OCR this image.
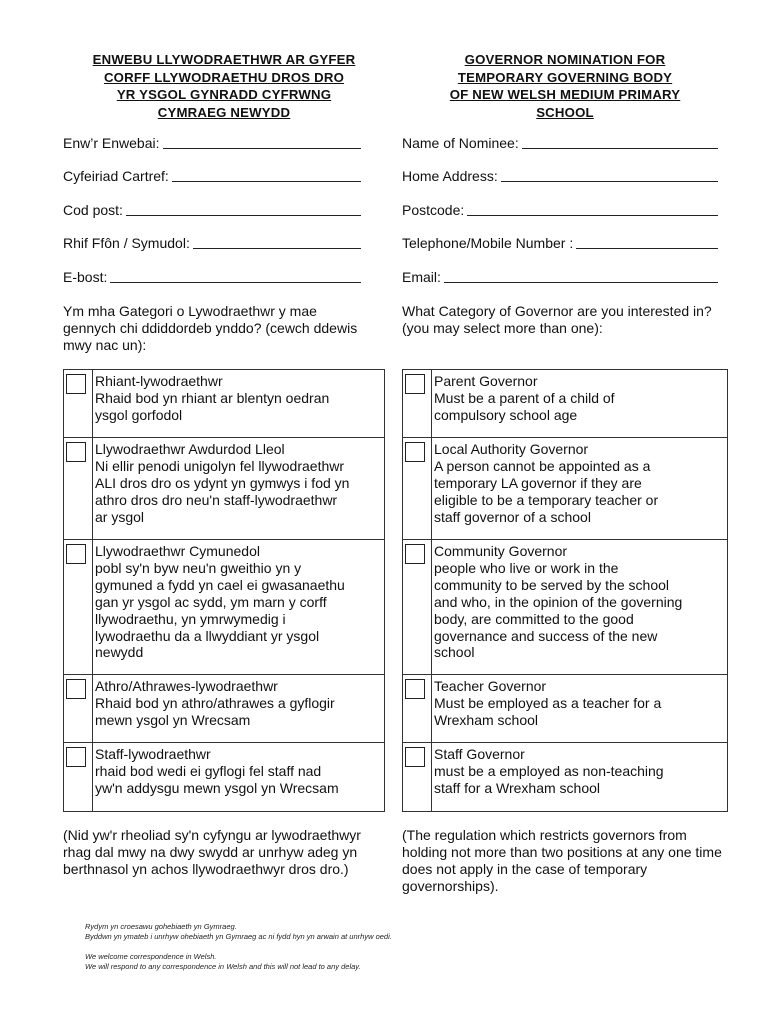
ENWEBU LLYWODRAETHWR AR GYFER
CORFF LLYWODRAETHU DROS DRO
YR YSGOL GYNRADD CYFRWNG
CYMRAEG NEWYDD
Enw’r Enwebai:
Cyfeiriad Cartref:
Cod post:
Rhif Ffôn / Symudol:
E-bost:
Ym mha Gategori o Lywodraethwr y mae gennych chi ddiddordeb ynddo? (cewch ddewis mwy nac un):
Rhiant-lywodraethwr
Rhaid bod yn rhiant ar blentyn oedran
ysgol gorfodol
Llywodraethwr Awdurdod Lleol
Ni ellir penodi unigolyn fel llywodraethwr
ALI dros dro os ydynt yn gymwys i fod yn
athro dros dro neu'n staff-lywodraethwr
ar ysgol
Llywodraethwr Cymunedol
pobl sy'n byw neu'n gweithio yn y
gymuned a fydd yn cael ei gwasanaethu
gan yr ysgol ac sydd, ym marn y corff
llywodraethu, yn ymrwymedig i
lywodraethu da a llwyddiant yr ysgol
newydd
Athro/Athrawes-lywodraethwr
Rhaid bod yn athro/athrawes a gyflogir
mewn ysgol yn Wrecsam
Staff-lywodraethwr
rhaid bod wedi ei gyflogi fel staff nad
yw'n addysgu mewn ysgol yn Wrecsam
(Nid yw'r rheoliad sy'n cyfyngu ar lywodraethwyr rhag dal mwy na dwy swydd ar unrhyw adeg yn berthnasol yn achos llywodraethwyr dros dro.)
GOVERNOR NOMINATION FOR
TEMPORARY GOVERNING BODY
OF NEW WELSH MEDIUM PRIMARY
SCHOOL
Name of Nominee:
Home Address:
Postcode:
Telephone/Mobile Number :
Email:
What Category of Governor are you interested in? (you may select more than one):
Parent Governor
Must be a parent of a child of
compulsory school age
Local Authority Governor
A person cannot be appointed as a
temporary LA governor if they are
eligible to be a temporary teacher or
staff governor of a school
Community Governor
people who live or work in the
community to be served by the school
and who, in the opinion of the governing
body, are committed to the good
governance and success of the new
school
Teacher Governor
Must be employed as a teacher for a
Wrexham school
Staff Governor
must be a employed as non-teaching
staff for a Wrexham school
(The regulation which restricts governors from holding not more than two positions at any one time does not apply in the case of temporary governorships).
Rydym yn croesawu gohebiaeth yn Gymraeg.
Byddwn yn ymateb i unrhyw ohebiaeth yn Gymraeg ac ni fydd hyn yn arwain at unrhyw oedi.
We welcome correspondence in Welsh.
We will respond to any correspondence in Welsh and this will not lead to any delay.
